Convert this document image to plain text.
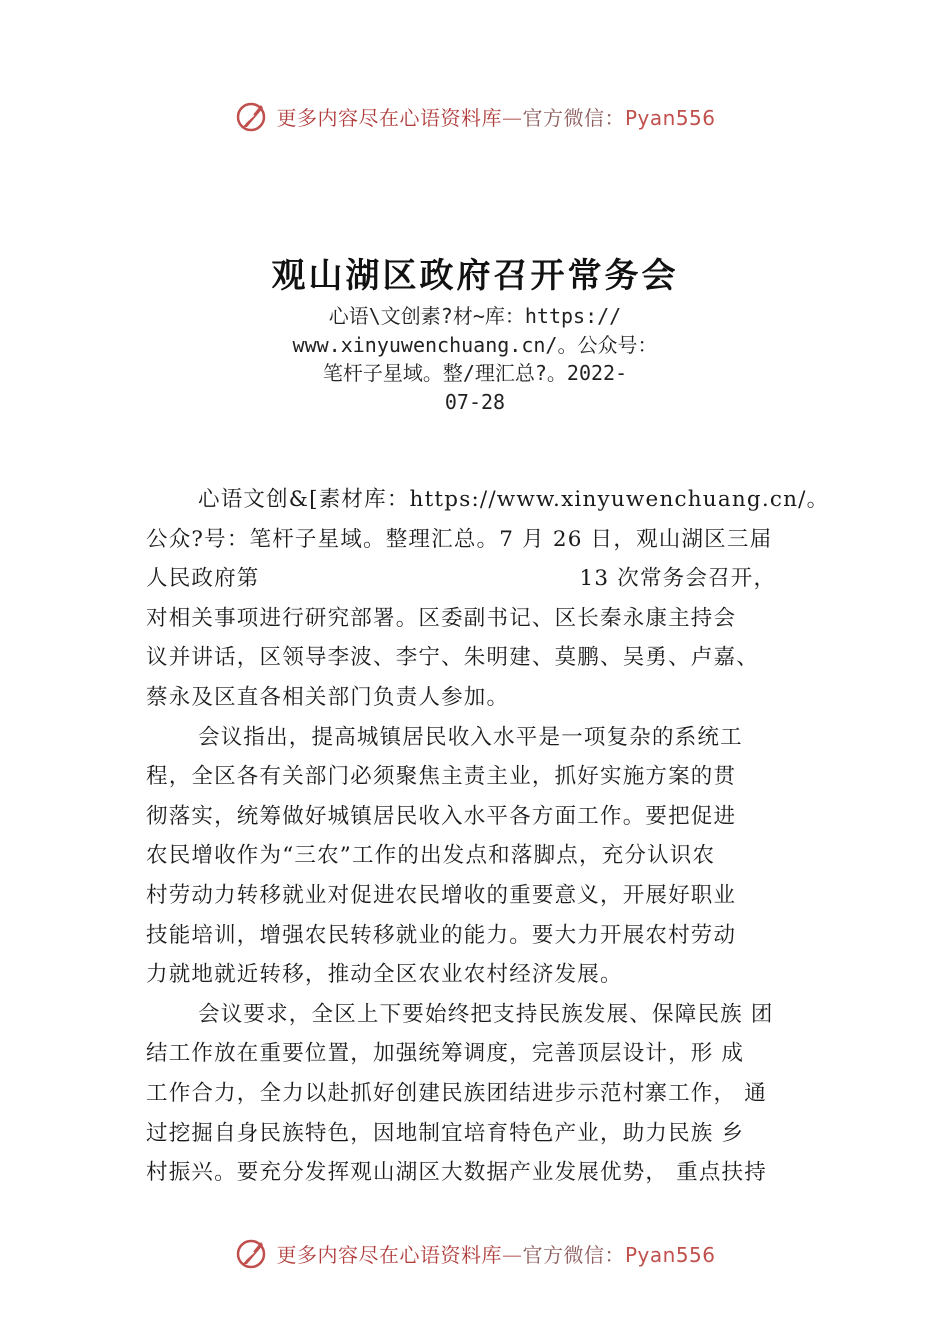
更多内容尽在心语资料库—官方微信：Pyan556
观山湖区政府召开常务会
心语\文创素?材~库：https://
www.xinyuwenchuang.cn/。公众号：
笔杆子星域。整/理汇总?。2022-
07-28
心语文创&[素材库：https://www.xinyuwenchuang.cn/。
公众?号：笔杆子星域。整理汇总。7 月 26 日，观山湖区三届
人民政府第	13 次常务会召开，
对相关事项进行研究部署。区委副书记、区长秦永康主持会
议并讲话，区领导李波、李宁、朱明建、莫鹏、吴勇、卢嘉、
蔡永及区直各相关部门负责人参加。
会议指出，提高城镇居民收入水平是一项复杂的系统工
程，全区各有关部门必须聚焦主责主业，抓好实施方案的贯
彻落实，统筹做好城镇居民收入水平各方面工作。要把促进
农民增收作为“三农”工作的出发点和落脚点，充分认识农
村劳动力转移就业对促进农民增收的重要意义，开展好职业
技能培训，增强农民转移就业的能力。要大力开展农村劳动
力就地就近转移，推动全区农业农村经济发展。
会议要求，全区上下要始终把支持民族发展、保障民族 团
结工作放在重要位置，加强统筹调度，完善顶层设计，形 成
工作合力，全力以赴抓好创建民族团结进步示范村寨工作， 通
过挖掘自身民族特色，因地制宜培育特色产业，助力民族 乡
村振兴。要充分发挥观山湖区大数据产业发展优势， 重点扶持
更多内容尽在心语资料库—官方微信：Pyan556
